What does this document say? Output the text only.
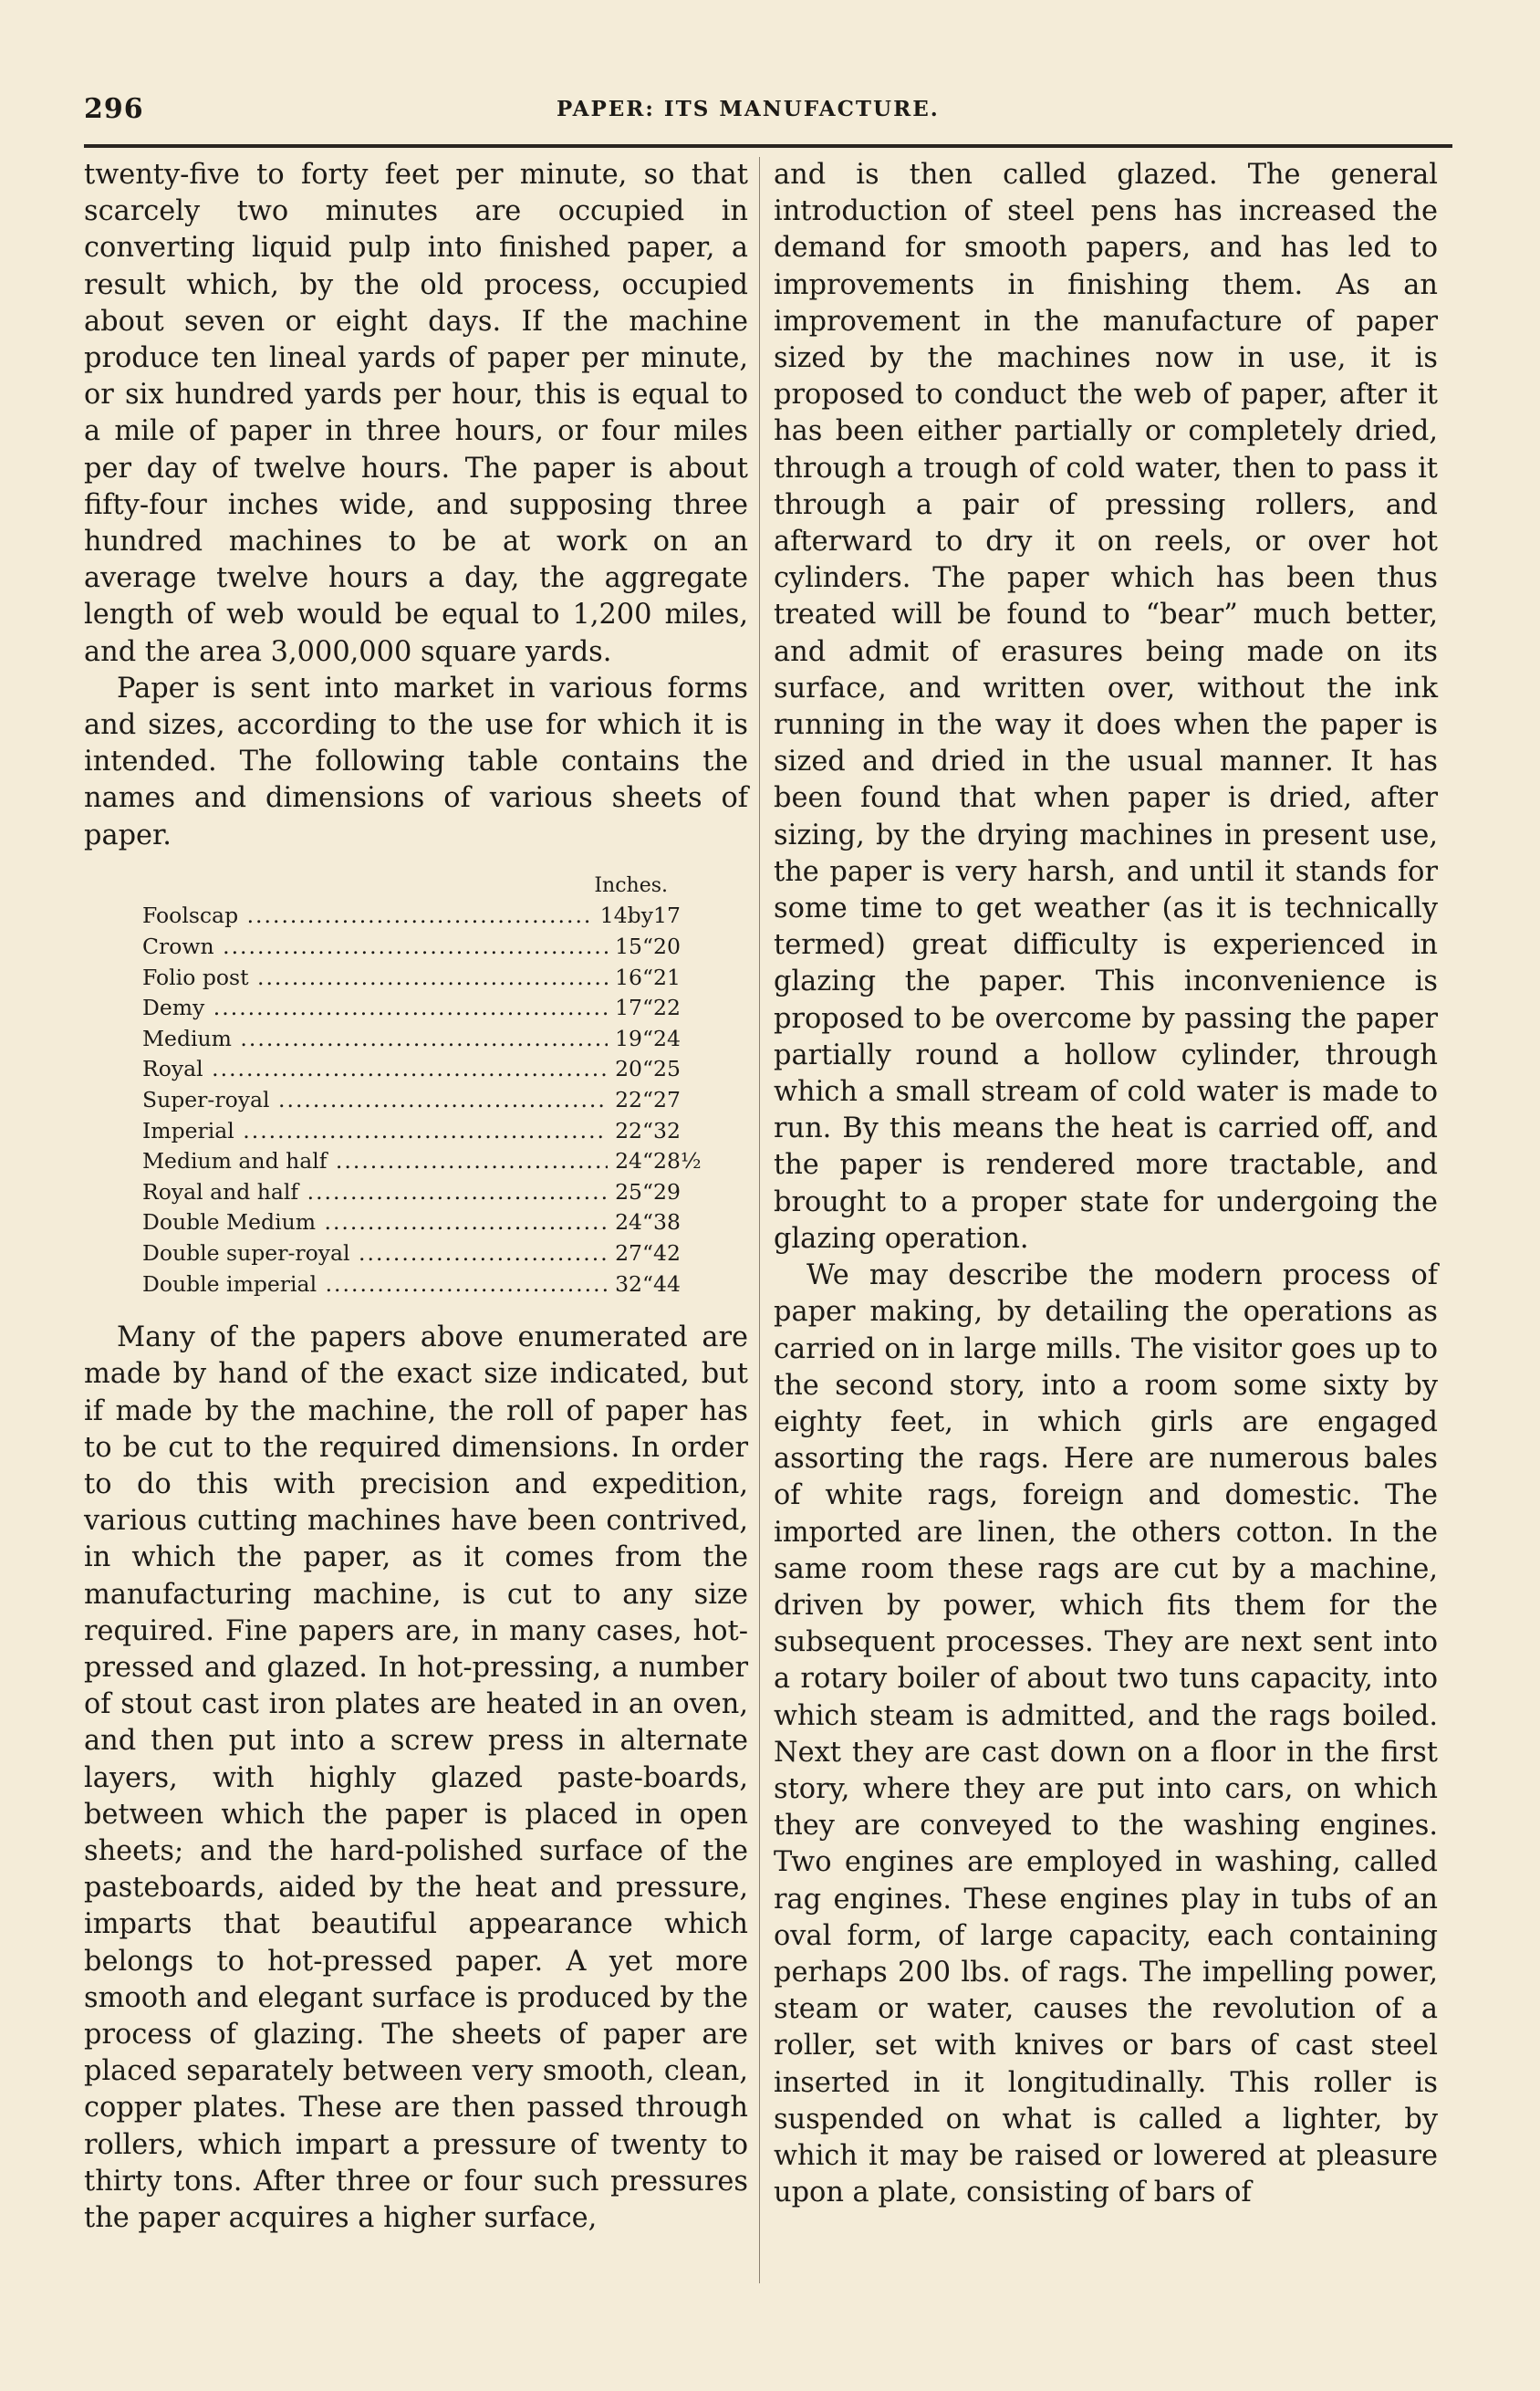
296	PAPER: ITS MANUFACTURE.

twenty-five to forty feet per minute, so that scarcely two minutes are occupied in converting liquid pulp into finished paper, a result which, by the old process, occupied about seven or eight days. If the machine produce ten lineal yards of paper per minute, or six hundred yards per hour, this is equal to a mile of paper in three hours, or four miles per day of twelve hours. The paper is about fifty-four inches wide, and supposing three hundred machines to be at work on an average twelve hours a day, the aggregate length of web would be equal to 1,200 miles, and the area 3,000,000 square yards.

Paper is sent into market in various forms and sizes, according to the use for which it is intended. The following table contains the names and dimensions of various sheets of paper.

Inches.
Foolscap .....	14 by 17
Crown .....	15 “ 20
Folio post .....	16 “ 21
Demy .....	17 “ 22
Medium .....	19 “ 24
Royal .....	20 “ 25
Super-royal .....	22 “ 27
Imperial .....	22 “ 32
Medium and half .....	24 “ 28½
Royal and half .....	25 “ 29
Double Medium .....	24 “ 38
Double super-royal .....	27 “ 42
Double imperial .....	32 “ 44

Many of the papers above enumerated are made by hand of the exact size indicated, but if made by the machine, the roll of paper has to be cut to the required dimensions. In order to do this with precision and expedition, various cutting machines have been contrived, in which the paper, as it comes from the manufacturing machine, is cut to any size required. Fine papers are, in many cases, hot-pressed and glazed. In hot-pressing, a number of stout cast iron plates are heated in an oven, and then put into a screw press in alternate layers, with highly glazed paste-boards, between which the paper is placed in open sheets; and the hard-polished surface of the pasteboards, aided by the heat and pressure, imparts that beautiful appearance which belongs to hot-pressed paper. A yet more smooth and elegant surface is produced by the process of glazing. The sheets of paper are placed separately between very smooth, clean, copper plates. These are then passed through rollers, which impart a pressure of twenty to thirty tons. After three or four such pressures the paper acquires a higher surface,

and is then called glazed. The general introduction of steel pens has increased the demand for smooth papers, and has led to improvements in finishing them. As an improvement in the manufacture of paper sized by the machines now in use, it is proposed to conduct the web of paper, after it has been either partially or completely dried, through a trough of cold water, then to pass it through a pair of pressing rollers, and afterward to dry it on reels, or over hot cylinders. The paper which has been thus treated will be found to “bear” much better, and admit of erasures being made on its surface, and written over, without the ink running in the way it does when the paper is sized and dried in the usual manner. It has been found that when paper is dried, after sizing, by the drying machines in present use, the paper is very harsh, and until it stands for some time to get weather (as it is technically termed) great difficulty is experienced in glazing the paper. This inconvenience is proposed to be overcome by passing the paper partially round a hollow cylinder, through which a small stream of cold water is made to run. By this means the heat is carried off, and the paper is rendered more tractable, and brought to a proper state for undergoing the glazing operation.

We may describe the modern process of paper making, by detailing the operations as carried on in large mills. The visitor goes up to the second story, into a room some sixty by eighty feet, in which girls are engaged assorting the rags. Here are numerous bales of white rags, foreign and domestic. The imported are linen, the others cotton. In the same room these rags are cut by a machine, driven by power, which fits them for the subsequent processes. They are next sent into a rotary boiler of about two tuns capacity, into which steam is admitted, and the rags boiled. Next they are cast down on a floor in the first story, where they are put into cars, on which they are conveyed to the washing engines. Two engines are employed in washing, called rag engines. These engines play in tubs of an oval form, of large capacity, each containing perhaps 200 lbs. of rags. The impelling power, steam or water, causes the revolution of a roller, set with knives or bars of cast steel inserted in it longitudinally. This roller is suspended on what is called a lighter, by which it may be raised or lowered at pleasure upon a plate, consisting of bars of
